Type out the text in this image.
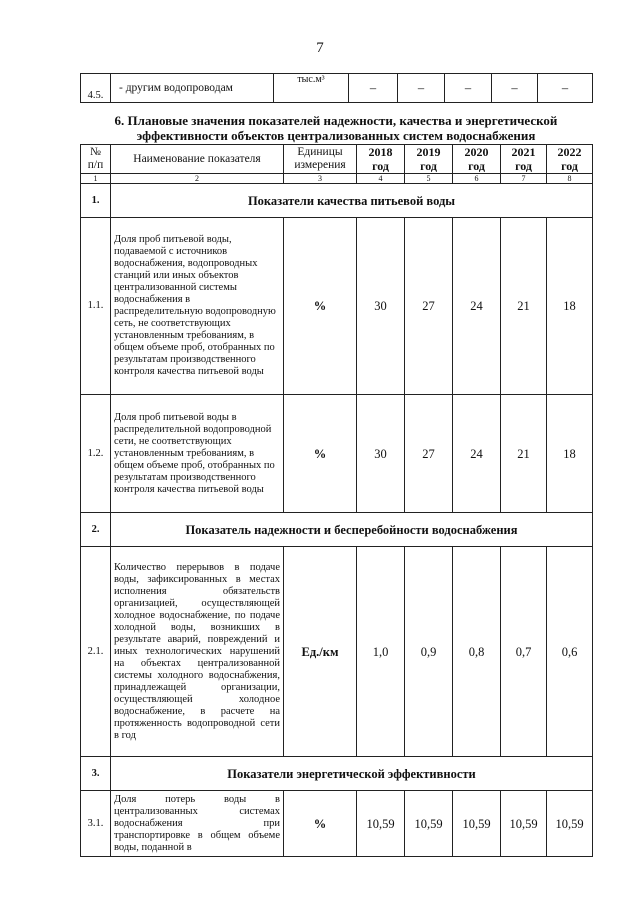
7
4.5.	- другим водопроводам	тыс.м³	–	–	–	–	–
6. Плановые значения показателей надежности, качества и энергетической эффективности объектов централизованных систем водоснабжения
№ п/п	Наименование показателя	Единицы измерения	2018 год	2019 год	2020 год	2021 год	2022 год
1	2	3	4	5	6	7	8
1.	Показатели качества питьевой воды						
1.1.	Доля проб питьевой воды, подаваемой с источников водоснабжения, водопроводных станций или иных объектов централизованной системы водоснабжения в распределительную водопроводную сеть, не соответствующих установленным требованиям, в общем объеме проб, отобранных по результатам производственного контроля качества питьевой воды	%	30	27	24	21	18
1.2.	Доля проб питьевой воды в распределительной водопроводной сети, не соответствующих установленным требованиям, в общем объеме проб, отобранных по результатам производственного контроля качества питьевой воды	%	30	27	24	21	18
2.	Показатель надежности и бесперебойности водоснабжения						
2.1.	Количество перерывов в подаче воды, зафиксированных в местах исполнения обязательств организацией, осуществляющей холодное водоснабжение, по подаче холодной воды, возникших в результате аварий, повреждений и иных технологических нарушений на объектах централизованной системы холодного водоснабжения, принадлежащей организации, осуществляющей холодное водоснабжение, в расчете на протяженность водопроводной сети в год	Ед./км	1,0	0,9	0,8	0,7	0,6
3.	Показатели энергетической эффективности						
3.1.	Доля потерь воды в централизованных системах водоснабжения при транспортировке в общем объеме воды, поданной в	%	10,59	10,59	10,59	10,59	10,59
